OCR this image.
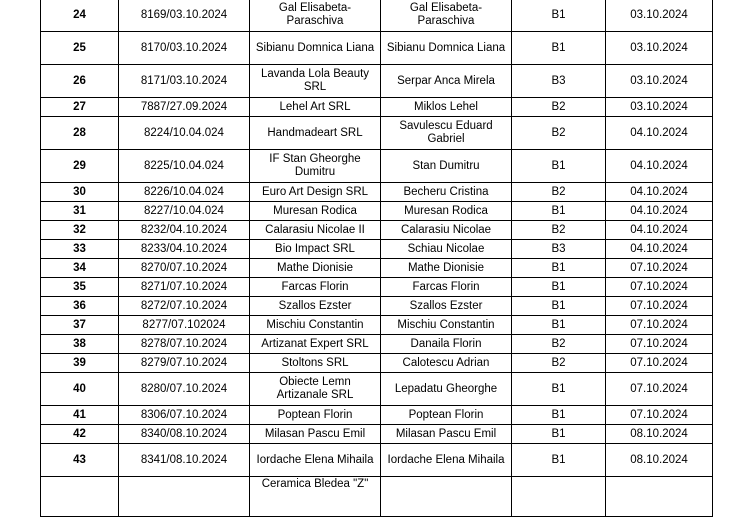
24	8169/03.10.2024	Gal Elisabeta-Paraschiva	Gal Elisabeta-Paraschiva	B1	03.10.2024
25	8170/03.10.2024	Sibianu Domnica Liana	Sibianu Domnica Liana	B1	03.10.2024
26	8171/03.10.2024	Lavanda Lola Beauty SRL	Serpar Anca Mirela	B3	03.10.2024
27	7887/27.09.2024	Lehel Art SRL	Miklos Lehel	B2	03.10.2024
28	8224/10.04.024	Handmadeart SRL	Savulescu Eduard Gabriel	B2	04.10.2024
29	8225/10.04.024	IF Stan Gheorghe Dumitru	Stan Dumitru	B1	04.10.2024
30	8226/10.04.024	Euro Art Design SRL	Becheru Cristina	B2	04.10.2024
31	8227/10.04.024	Muresan Rodica	Muresan Rodica	B1	04.10.2024
32	8232/04.10.2024	Calarasiu Nicolae II	Calarasiu Nicolae	B2	04.10.2024
33	8233/04.10.2024	Bio Impact SRL	Schiau Nicolae	B3	04.10.2024
34	8270/07.10.2024	Mathe Dionisie	Mathe Dionisie	B1	07.10.2024
35	8271/07.10.2024	Farcas Florin	Farcas Florin	B1	07.10.2024
36	8272/07.10.2024	Szallos Ezster	Szallos Ezster	B1	07.10.2024
37	8277/07.102024	Mischiu Constantin	Mischiu Constantin	B1	07.10.2024
38	8278/07.10.2024	Artizanat Expert SRL	Danaila Florin	B2	07.10.2024
39	8279/07.10.2024	Stoltons SRL	Calotescu Adrian	B2	07.10.2024
40	8280/07.10.2024	Obiecte Lemn Artizanale SRL	Lepadatu Gheorghe	B1	07.10.2024
41	8306/07.10.2024	Poptean Florin	Poptean Florin	B1	07.10.2024
42	8340/08.10.2024	Milasan Pascu Emil	Milasan Pascu Emil	B1	08.10.2024
43	8341/08.10.2024	Iordache Elena Mihaila	Iordache Elena Mihaila	B1	08.10.2024
		Ceramica Bledea "Z"			
